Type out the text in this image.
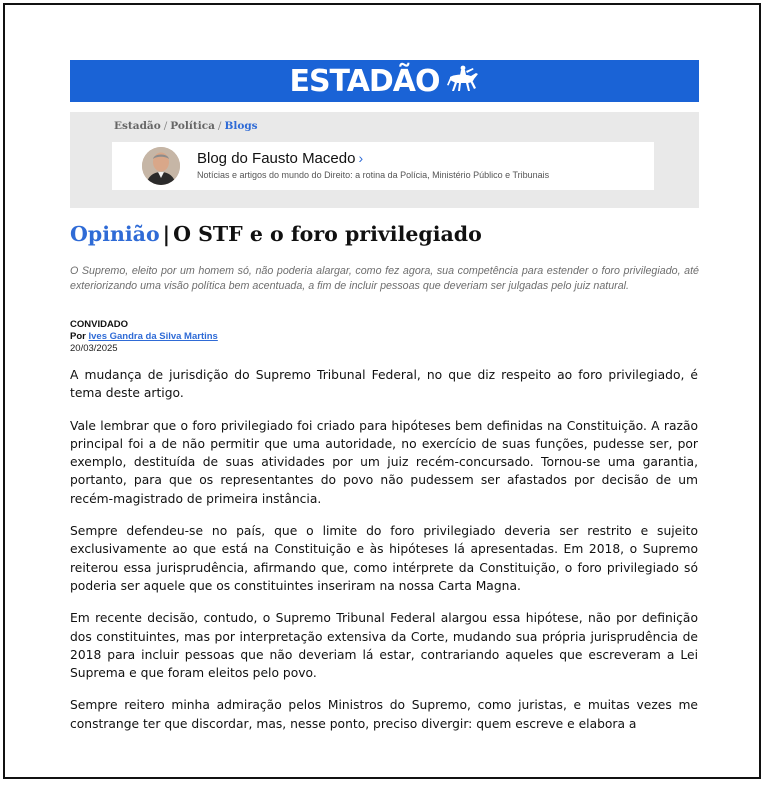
ESTADÃO
Estadão / Política / Blogs
Blog do Fausto Macedo ›
Notícias e artigos do mundo do Direito: a rotina da Polícia, Ministério Público e Tribunais
Opinião | O STF e o foro privilegiado
O Supremo, eleito por um homem só, não poderia alargar, como fez agora, sua competência para estender o foro privilegiado, até exteriorizando uma visão política bem acentuada, a fim de incluir pessoas que deveriam ser julgadas pelo juiz natural.
CONVIDADO
Por Ives Gandra da Silva Martins
20/03/2025

A mudança de jurisdição do Supremo Tribunal Federal, no que diz respeito ao foro privilegiado, é tema deste artigo.

Vale lembrar que o foro privilegiado foi criado para hipóteses bem definidas na Constituição. A razão principal foi a de não permitir que uma autoridade, no exercício de suas funções, pudesse ser, por exemplo, destituída de suas atividades por um juiz recém-concursado. Tornou-se uma garantia, portanto, para que os representantes do povo não pudessem ser afastados por decisão de um recém-magistrado de primeira instância.

Sempre defendeu-se no país, que o limite do foro privilegiado deveria ser restrito e sujeito exclusivamente ao que está na Constituição e às hipóteses lá apresentadas. Em 2018, o Supremo reiterou essa jurisprudência, afirmando que, como intérprete da Constituição, o foro privilegiado só poderia ser aquele que os constituintes inseriram na nossa Carta Magna.

Em recente decisão, contudo, o Supremo Tribunal Federal alargou essa hipótese, não por definição dos constituintes, mas por interpretação extensiva da Corte, mudando sua própria jurisprudência de 2018 para incluir pessoas que não deveriam lá estar, contrariando aqueles que escreveram a Lei Suprema e que foram eleitos pelo povo.

Sempre reitero minha admiração pelos Ministros do Supremo, como juristas, e muitas vezes me constrange ter que discordar, mas, nesse ponto, preciso divergir: quem escreve e elabora a
